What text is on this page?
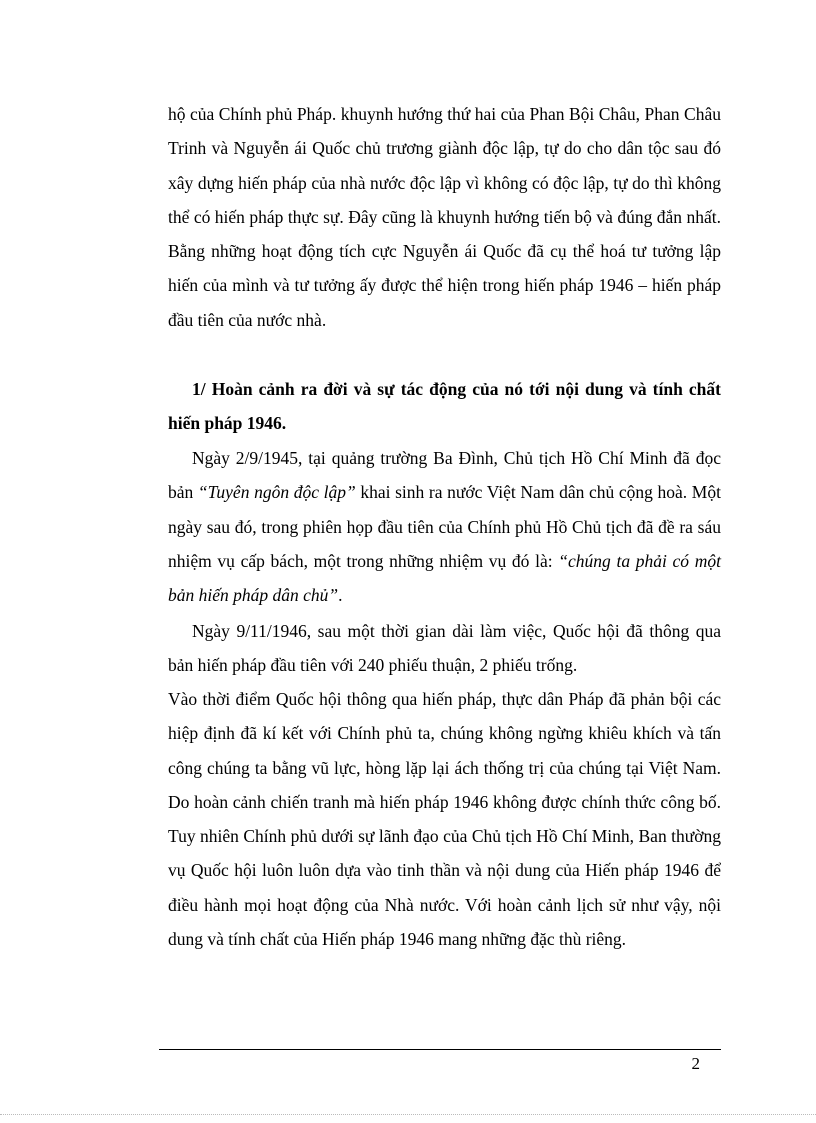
hộ của Chính phủ Pháp. khuynh hướng thứ hai của Phan Bội Châu, Phan Châu Trinh và Nguyễn ái Quốc chủ trương giành độc lập, tự do cho dân tộc sau đó xây dựng hiến pháp của nhà nước độc lập vì không có độc lập, tự do thì không thể có hiến pháp thực sự. Đây cũng là khuynh hướng tiến bộ và đúng đắn nhất. Bằng những hoạt động tích cực Nguyễn ái Quốc đã cụ thể hoá tư tưởng lập hiến của mình và tư tưởng ấy được thể hiện trong hiến pháp 1946 – hiến pháp đầu tiên của nước nhà.

1/ Hoàn cảnh ra đời và sự tác động của nó tới nội dung và tính chất hiến pháp 1946.

Ngày 2/9/1945, tại quảng trường Ba Đình, Chủ tịch Hồ Chí Minh đã đọc bản “Tuyên ngôn độc lập” khai sinh ra nước Việt Nam dân chủ cộng hoà. Một ngày sau đó, trong phiên họp đầu tiên của Chính phủ Hồ Chủ tịch đã đề ra sáu nhiệm vụ cấp bách, một trong những nhiệm vụ đó là: “chúng ta phải có một bản hiến pháp dân chủ”.

Ngày 9/11/1946, sau một thời gian dài làm việc, Quốc hội đã thông qua bản hiến pháp đầu tiên với 240 phiếu thuận, 2 phiếu trống.

Vào thời điểm Quốc hội thông qua hiến pháp, thực dân Pháp đã phản bội các hiệp định đã kí kết với Chính phủ ta, chúng không ngừng khiêu khích và tấn công chúng ta bằng vũ lực, hòng lặp lại ách thống trị của chúng tại Việt Nam. Do hoàn cảnh chiến tranh mà hiến pháp 1946 không được chính thức công bố. Tuy nhiên Chính phủ dưới sự lãnh đạo của Chủ tịch Hồ Chí Minh, Ban thường vụ Quốc hội luôn luôn dựa vào tinh thần và nội dung của Hiến pháp 1946 để điều hành mọi hoạt động của Nhà nước. Với hoàn cảnh lịch sử như vậy, nội dung và tính chất của Hiến pháp 1946 mang những đặc thù riêng.

2
